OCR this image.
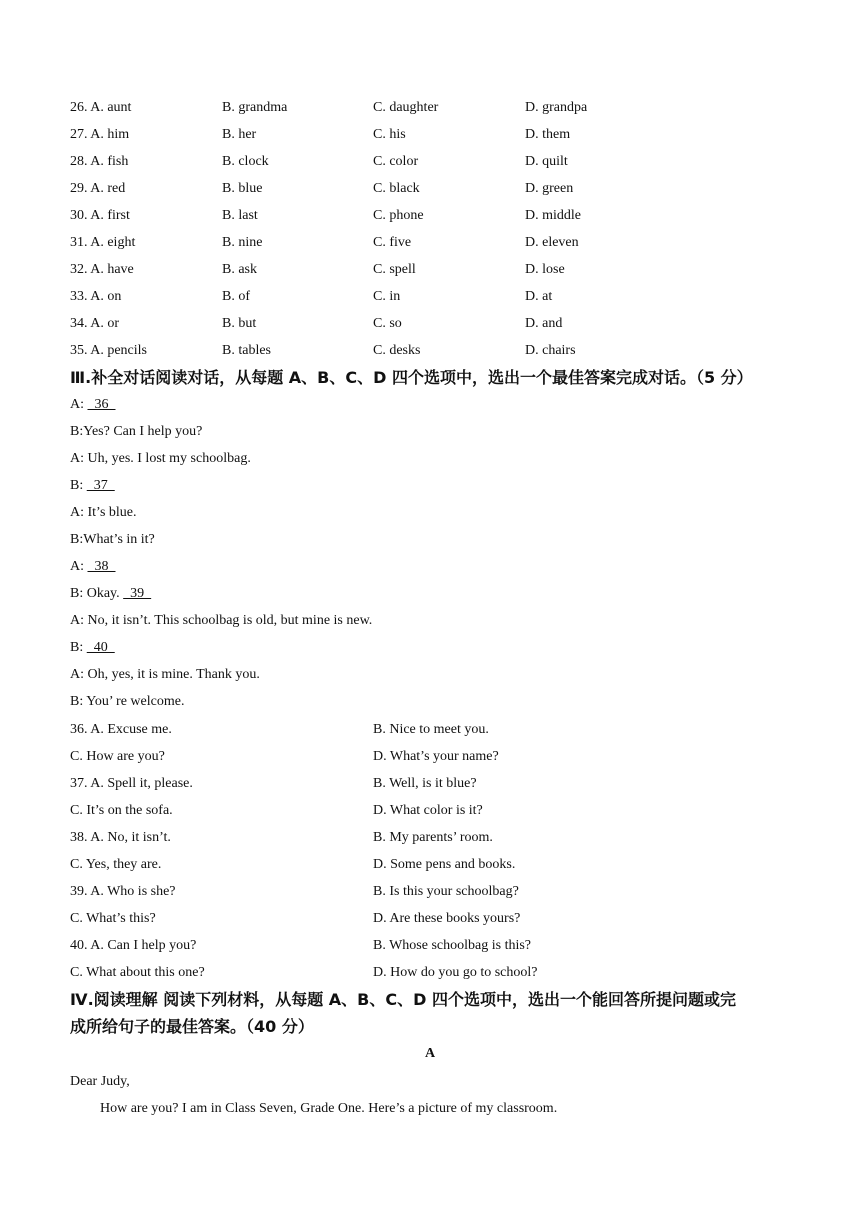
26. A. aunt	B. grandma	C. daughter	D. grandpa
27. A. him	B. her	C. his	D. them
28. A. fish	B. clock	C. color	D. quilt
29. A. red	B. blue	C. black	D. green
30. A. first	B. last	C. phone	D. middle
31. A. eight	B. nine	C. five	D. eleven
32. A. have	B. ask	C. spell	D. lose
33. A. on	B. of	C. in	D. at
34. A. or	B. but	C. so	D. and
35. A. pencils	B. tables	C. desks	D. chairs
Ⅲ.补全对话阅读对话，从每题 A、B、C、D 四个选项中，选出一个最佳答案完成对话。（5 分）
A:   36
B:Yes? Can I help you?
A: Uh, yes. I lost my schoolbag.
B:   37
A: It’s blue.
B:What’s in it?
A:   38
B: Okay.   39
A: No, it isn’t. This schoolbag is old, but mine is new.
B:   40
A: Oh, yes, it is mine. Thank you.
B: You’ re welcome.
36. A. Excuse me.	B. Nice to meet you.
C. How are you?	D. What’s your name?
37. A. Spell it, please.	B. Well, is it blue?
C. It’s on the sofa.	D. What color is it?
38. A. No, it isn’t.	B. My parents’ room.
C. Yes, they are.	D. Some pens and books.
39. A. Who is she?	B. Is this your schoolbag?
C. What’s this?	D. Are these books yours?
40. A. Can I help you?	B. Whose schoolbag is this?
C. What about this one?	D. How do you go to school?
Ⅳ.阅读理解 阅读下列材料，从每题 A、B、C、D 四个选项中，选出一个能回答所提问题或完
成所给句子的最佳答案。（40 分）
A
Dear Judy,
How are you? I am in Class Seven, Grade One. Here’s a picture of my classroom.
